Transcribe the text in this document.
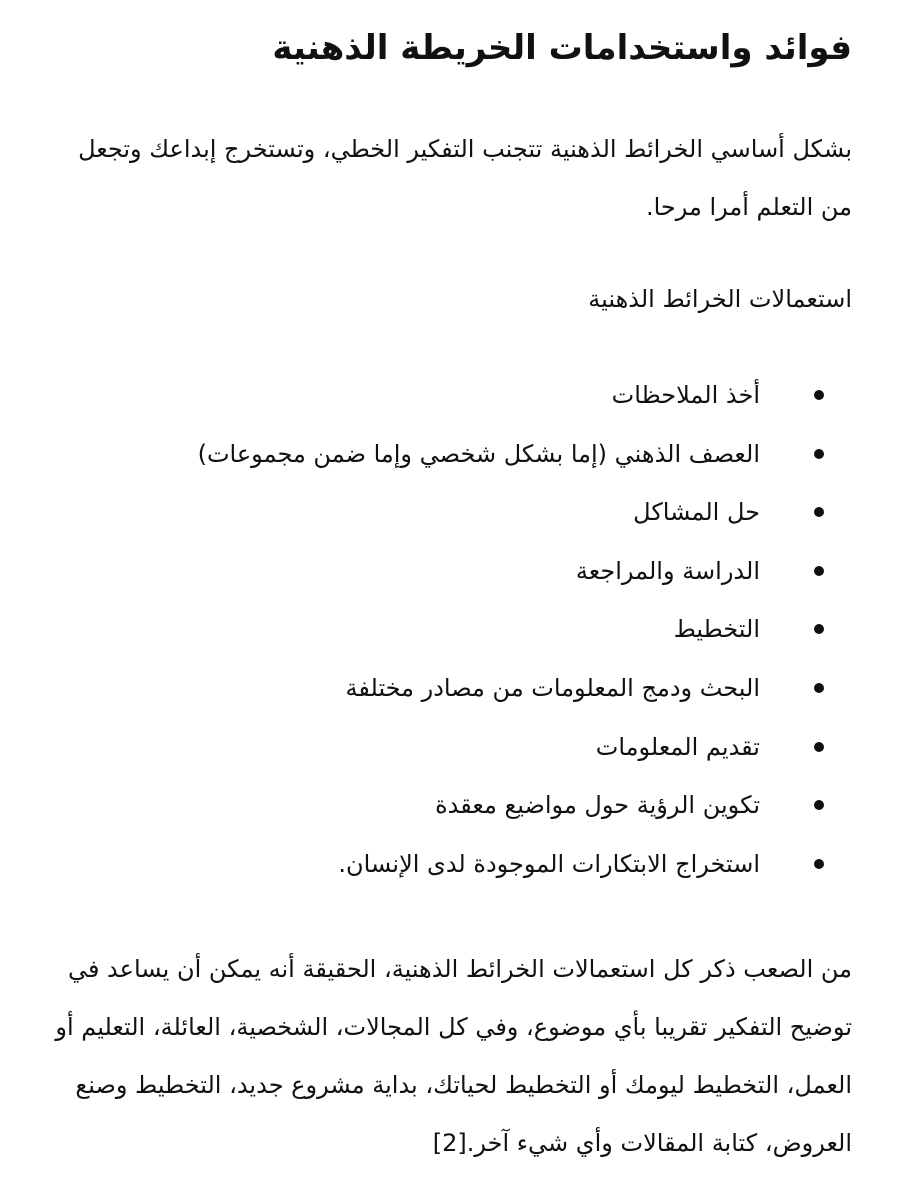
فوائد واستخدامات الخريطة الذهنية

بشكل أساسي الخرائط الذهنية تتجنب التفكير الخطي، وتستخرج إبداعك وتجعل من التعلم أمرا مرحا.

استعمالات الخرائط الذهنية

أخذ الملاحظات
العصف الذهني (إما بشكل شخصي وإما ضمن مجموعات)
حل المشاكل
الدراسة والمراجعة
التخطيط
البحث ودمج المعلومات من مصادر مختلفة
تقديم المعلومات
تكوين الرؤية حول مواضيع معقدة
استخراج الابتكارات الموجودة لدى الإنسان.

من الصعب ذكر كل استعمالات الخرائط الذهنية، الحقيقة أنه يمكن أن يساعد في توضيح التفكير تقريبا بأي موضوع، وفي كل المجالات، الشخصية، العائلة، التعليم أو العمل، التخطيط ليومك أو التخطيط لحياتك، بداية مشروع جديد، التخطيط وصنع العروض، كتابة المقالات وأي شيء آخر.[2]
